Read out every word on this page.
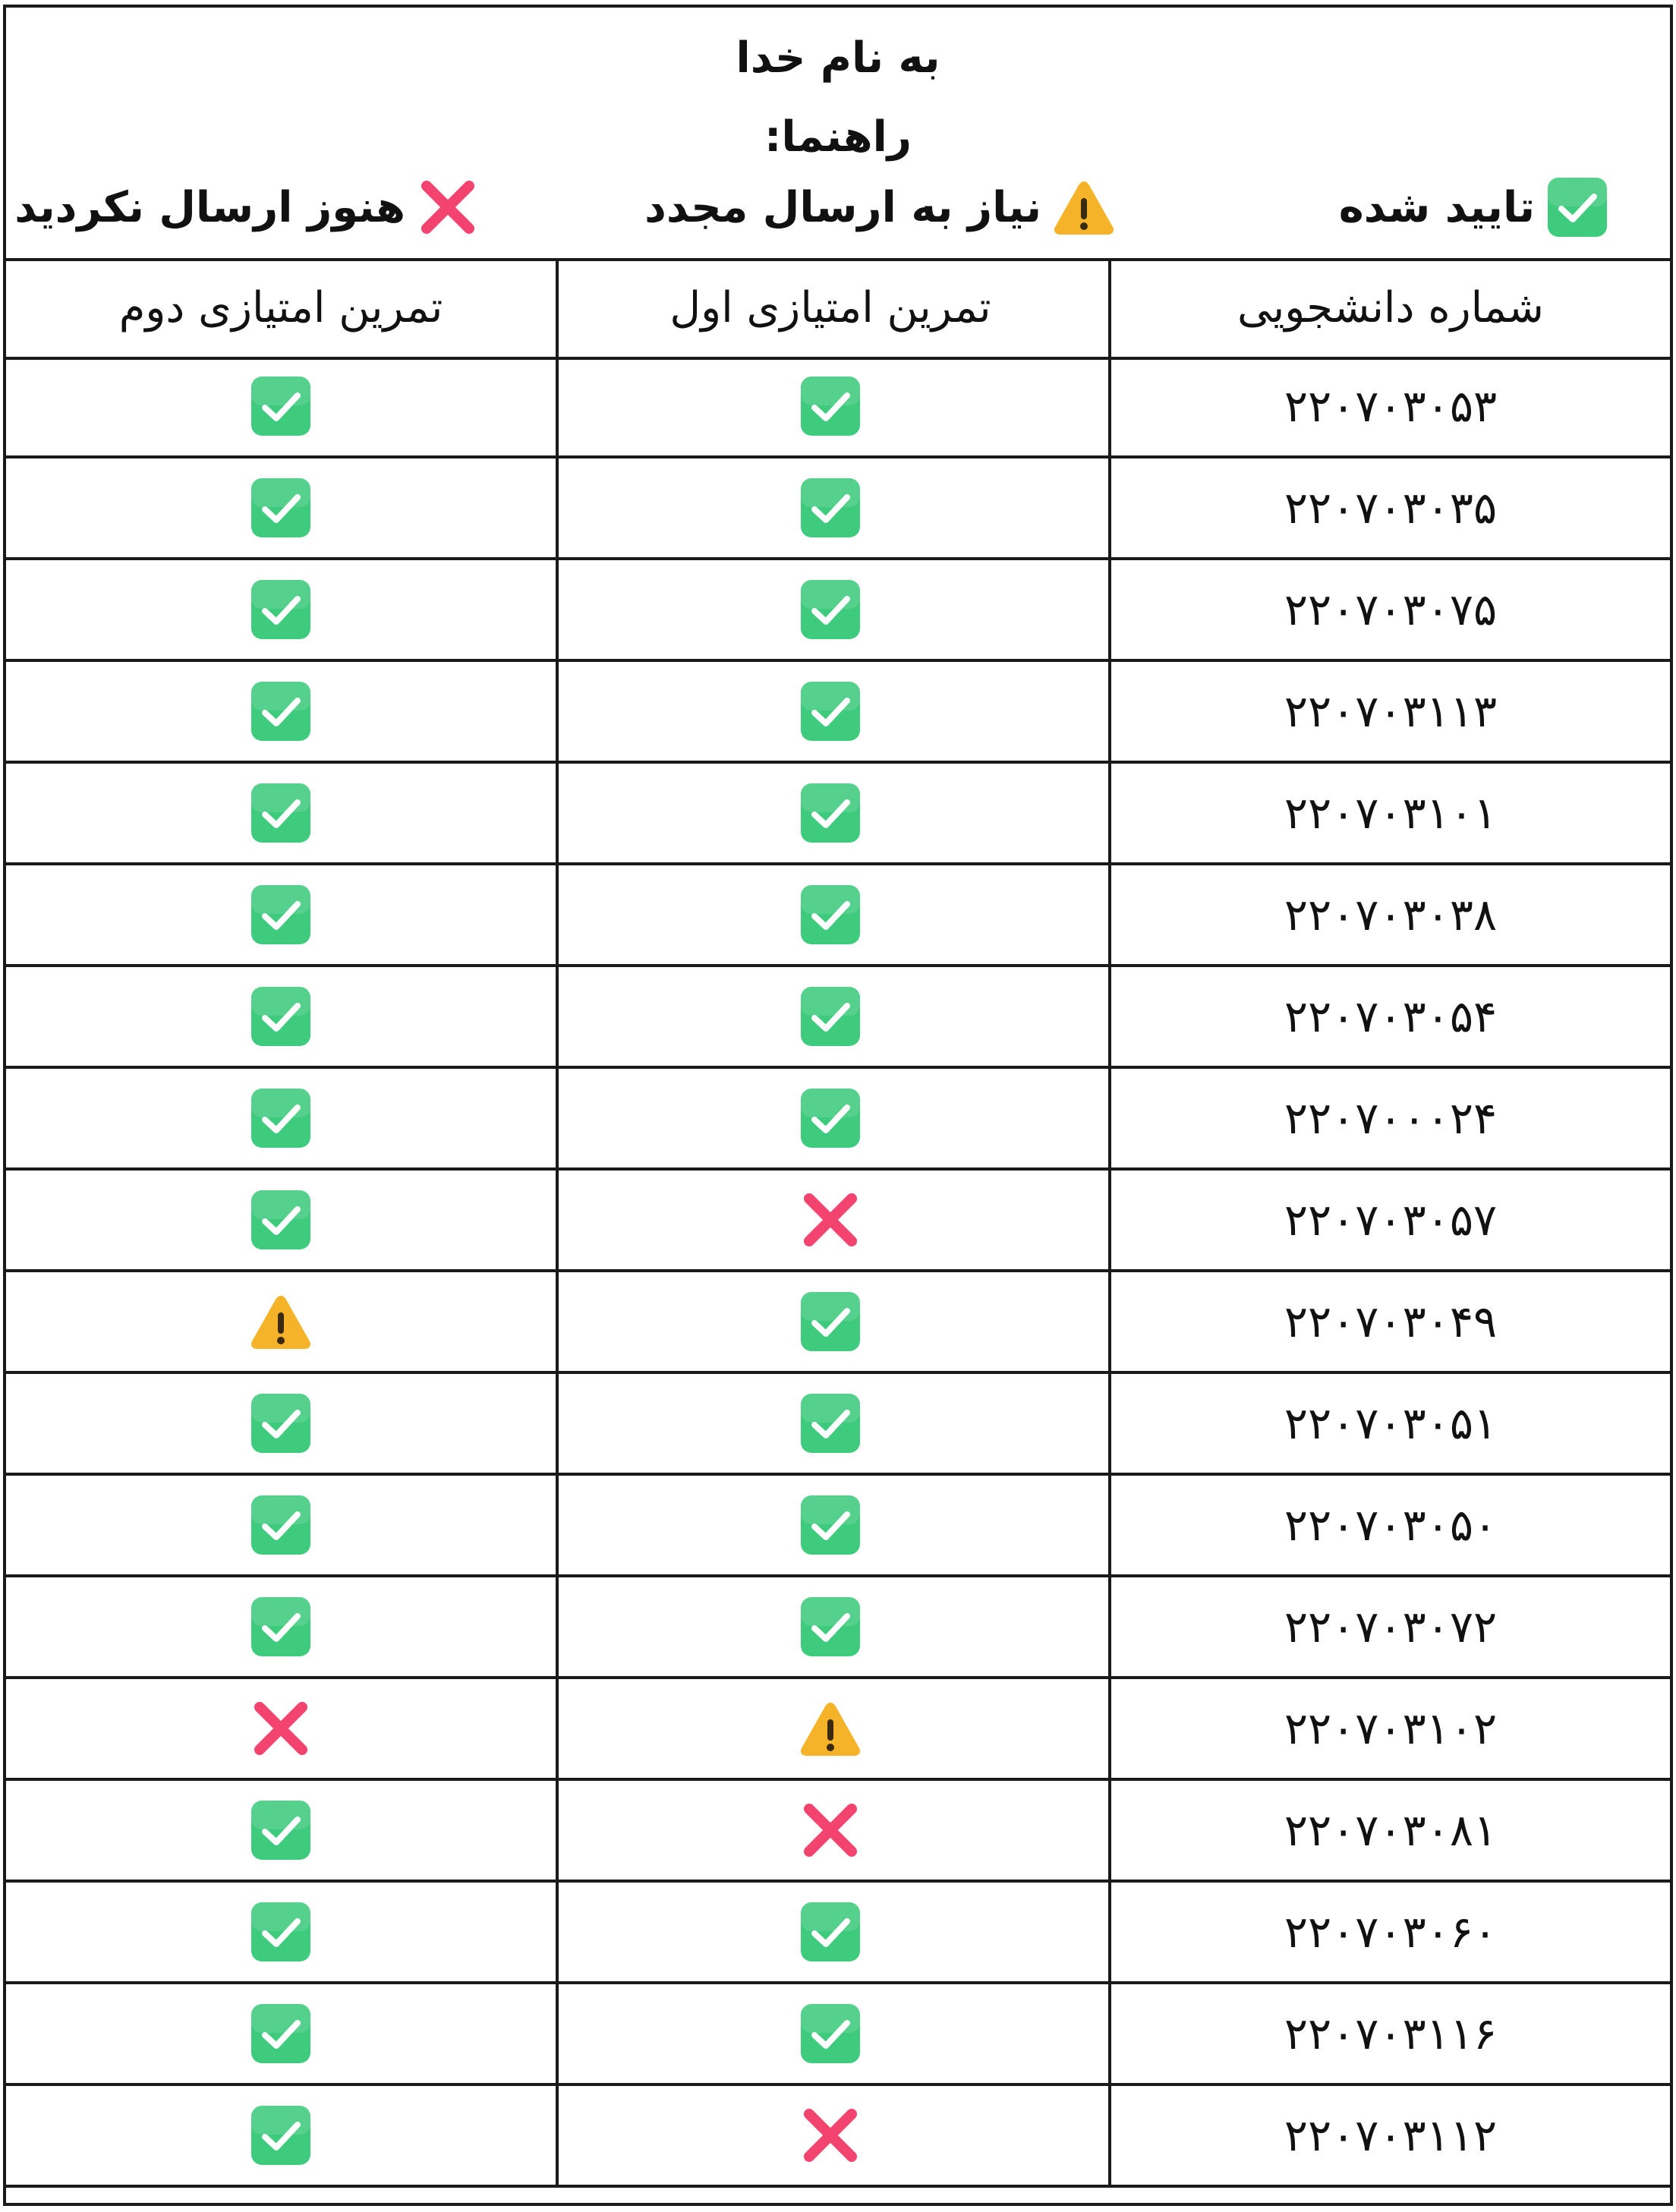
به نام خدا
راهنما:
تایید شده
نیاز به ارسال مجدد
هنوز ارسال نکردید
شماره دانشجویی
تمرین امتیازی اول
تمرین امتیازی دوم
۲۲۰۷۰۳۰۵۳
۲۲۰۷۰۳۰۳۵
۲۲۰۷۰۳۰۷۵
۲۲۰۷۰۳۱۱۳
۲۲۰۷۰۳۱۰۱
۲۲۰۷۰۳۰۳۸
۲۲۰۷۰۳۰۵۴
۲۲۰۷۰۰۰۲۴
۲۲۰۷۰۳۰۵۷
۲۲۰۷۰۳۰۴۹
۲۲۰۷۰۳۰۵۱
۲۲۰۷۰۳۰۵۰
۲۲۰۷۰۳۰۷۲
۲۲۰۷۰۳۱۰۲
۲۲۰۷۰۳۰۸۱
۲۲۰۷۰۳۰۶۰
۲۲۰۷۰۳۱۱۶
۲۲۰۷۰۳۱۱۲
